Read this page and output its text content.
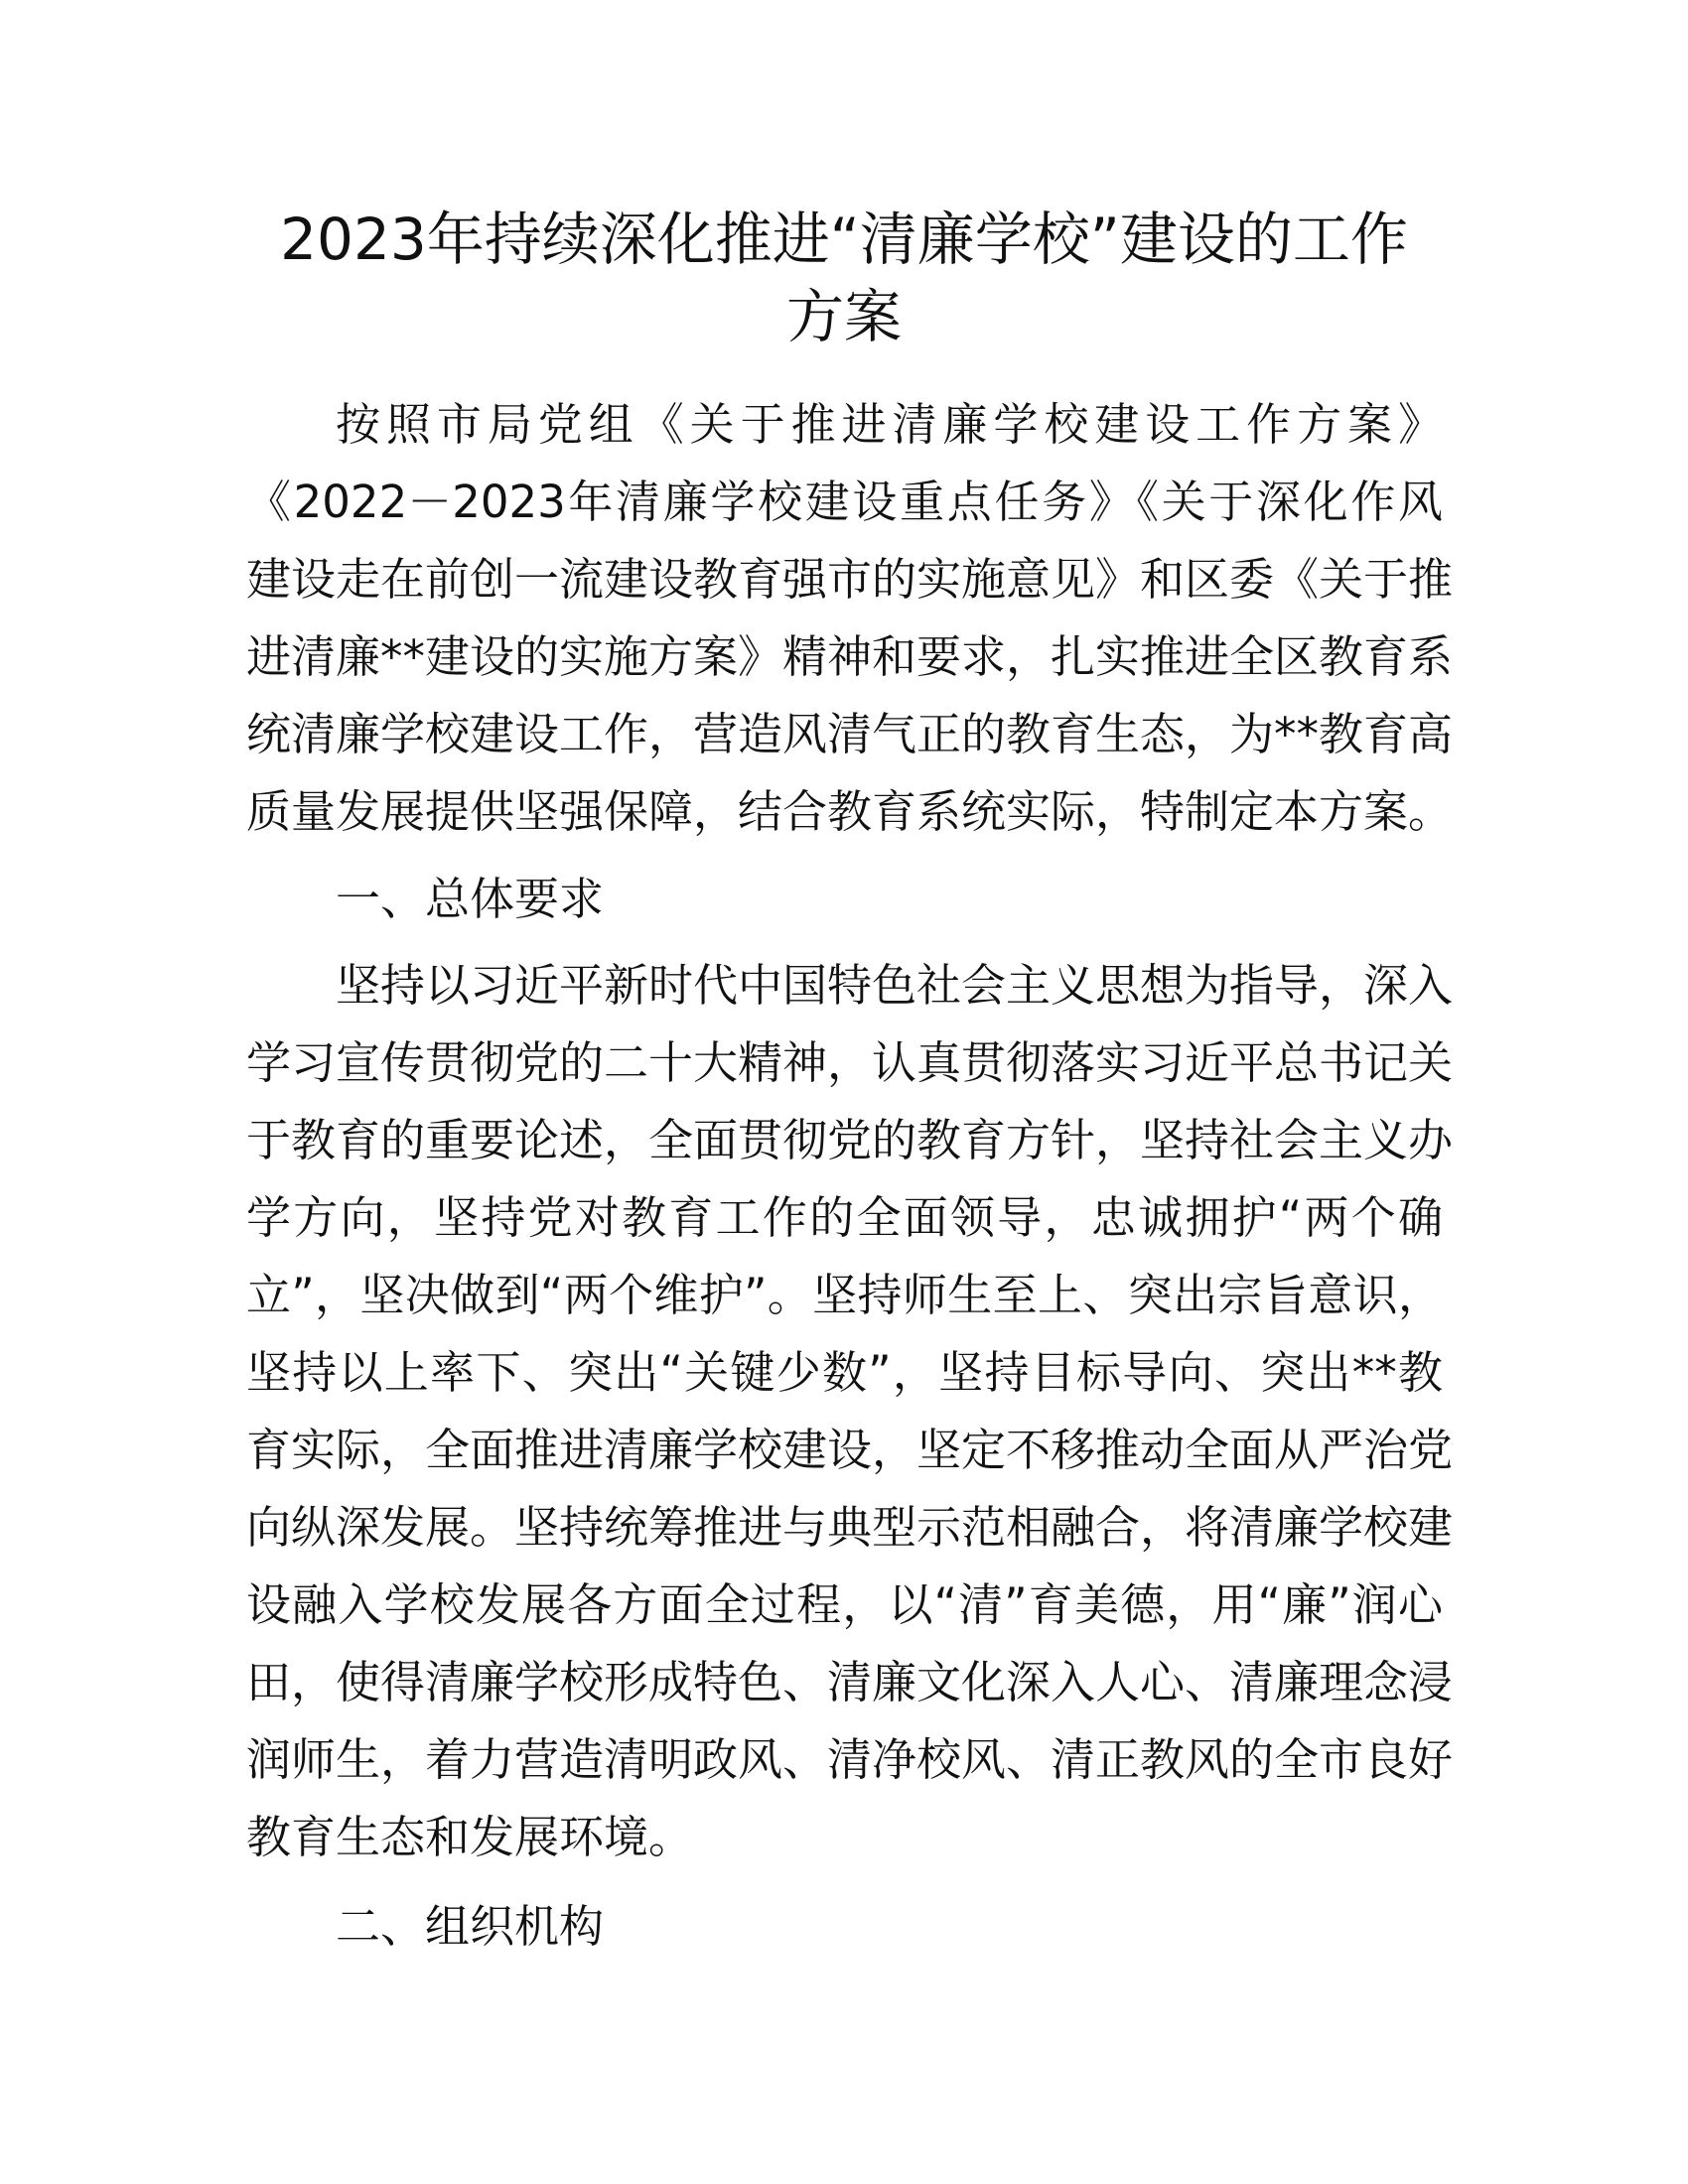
2023年持续深化推进“清廉学校”建设的工作
方案

按照市局党组《关于推进清廉学校建设工作方案》

《2022－2023年清廉学校建设重点任务》《关于深化作风

建设走在前创一流建设教育强市的实施意见》和区委《关于推

进清廉**建设的实施方案》精神和要求，扎实推进全区教育系

统清廉学校建设工作，营造风清气正的教育生态，为**教育高

质量发展提供坚强保障，结合教育系统实际，特制定本方案。

一、总体要求

坚持以习近平新时代中国特色社会主义思想为指导，深入

学习宣传贯彻党的二十大精神，认真贯彻落实习近平总书记关

于教育的重要论述，全面贯彻党的教育方针，坚持社会主义办

学方向，坚持党对教育工作的全面领导，忠诚拥护“两个确

立”，坚决做到“两个维护”。坚持师生至上、突出宗旨意识，

坚持以上率下、突出“关键少数”，坚持目标导向、突出**教

育实际，全面推进清廉学校建设，坚定不移推动全面从严治党

向纵深发展。坚持统筹推进与典型示范相融合，将清廉学校建

设融入学校发展各方面全过程，以“清”育美德，用“廉”润心

田，使得清廉学校形成特色、清廉文化深入人心、清廉理念浸

润师生，着力营造清明政风、清净校风、清正教风的全市良好

教育生态和发展环境。

二、组织机构
